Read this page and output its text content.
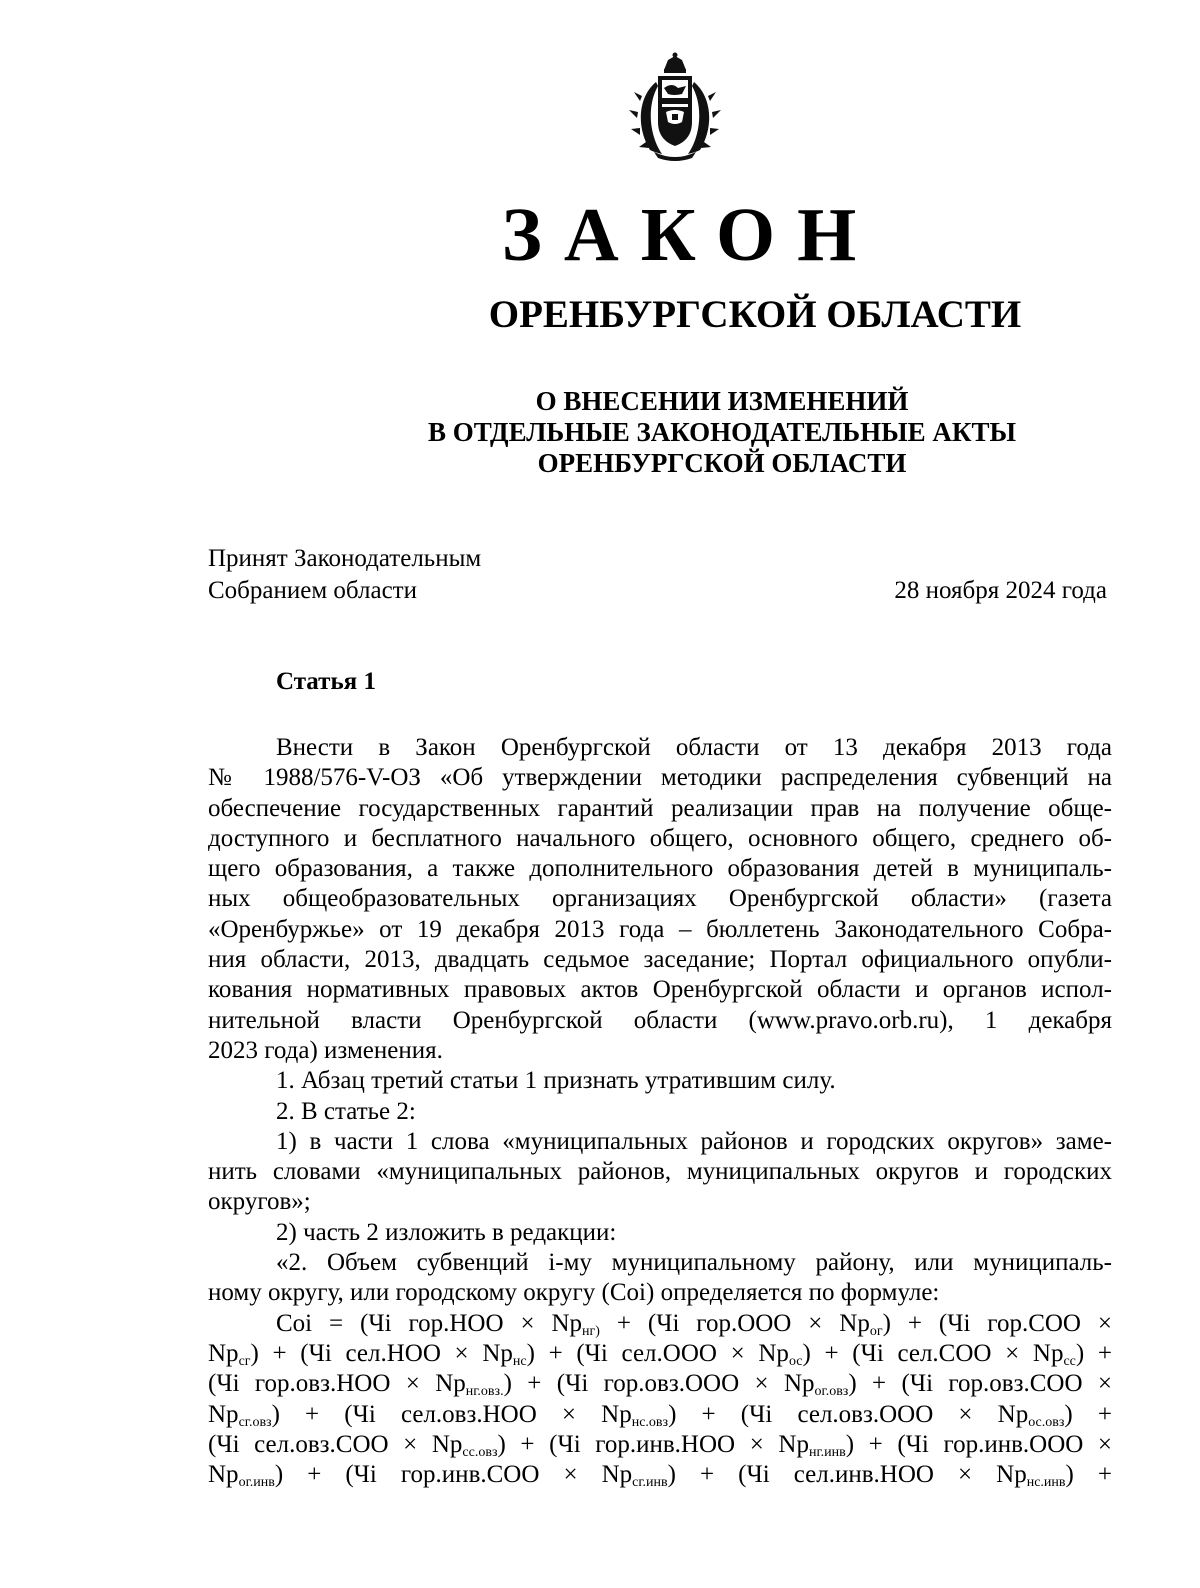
ЗАКОН
ОРЕНБУРГСКОЙ ОБЛАСТИ
О ВНЕСЕНИИ ИЗМЕНЕНИЙ
В ОТДЕЛЬНЫЕ ЗАКОНОДАТЕЛЬНЫЕ АКТЫ
ОРЕНБУРГСКОЙ ОБЛАСТИ
Принят Законодательным
Собранием области	28 ноября 2024 года
Статья 1

Внести в Закон Оренбургской области от 13 декабря 2013 года
№ 1988/576-V-ОЗ «Об утверждении методики распределения субвенций на
обеспечение государственных гарантий реализации прав на получение обще-
доступного и бесплатного начального общего, основного общего, среднего об-
щего образования, а также дополнительного образования детей в муниципаль-
ных общеобразовательных организациях Оренбургской области» (газета
«Оренбуржье» от 19 декабря 2013 года – бюллетень Законодательного Собра-
ния области, 2013, двадцать седьмое заседание; Портал официального опубли-
кования нормативных правовых актов Оренбургской области и органов испол-
нительной власти Оренбургской области (www.pravo.orb.ru), 1 декабря
2023 года) изменения.

1. Абзац третий статьи 1 признать утратившим силу.

2. В статье 2:

1) в части 1 слова «муниципальных районов и городских округов» заме-
нить словами «муниципальных районов, муниципальных округов и городских
округов»;

2) часть 2 изложить в редакции:

«2. Объем субвенций i-му муниципальному району, или муниципаль-
ному округу, или городскому округу (Coi) определяется по формуле:

Coi = (Чi $гор.НОО \times Np_{нг)} + (Чi$ $гор.ООО \times Np_{ог}) + (Чi$ гор.СОО ×
$Np_{сг}) + (Чi$ $сел.НОО \times Np_{нс}) + (Чi$ $сел.ООО \times Np_{ос}) + (Чi$ $сел.СОО \times Np_{сс}$) +
(Чi $гор.овз.НОО \times Np_{нг.овз.}) + (Чi$ $гор.овз.ООО \times Np_{ог.овз}) + (Чi$ гор.овз.СОО ×
$Np_{сг.овз}) + (Чi$ $сел.овз.НОО \times Np_{нс.овз}) + (Чi$ $сел.овз.ООО \times Np_{ос.овз}$) +
(Чi $сел.овз.СОО \times Np_{сс.овз}) + (Чi$ $гор.инв.НОО \times Np_{нг.инв}) + (Чi$ гор.инв.ООО ×
$Np_{ог.инв}) + (Чi$ $гор.инв.СОО \times Np_{сг.инв}) + (Чi$ $сел.инв.НОО \times Np_{нс.инв}$) +
